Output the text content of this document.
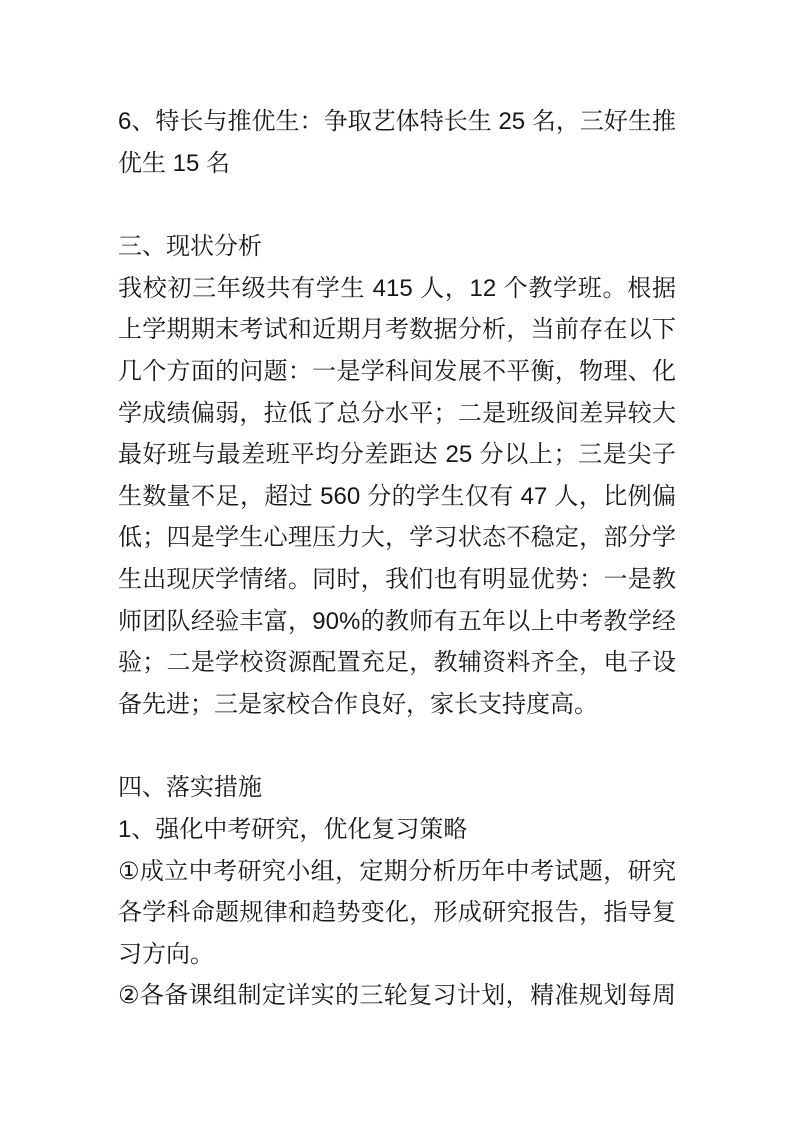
6、特长与推优生：争取艺体特长生 25 名，三好生推
优生 15 名
三、现状分析
我校初三年级共有学生 415 人，12 个教学班。根据
上学期期末考试和近期月考数据分析，当前存在以下
几个方面的问题：一是学科间发展不平衡，物理、化
学成绩偏弱，拉低了总分水平；二是班级间差异较大
最好班与最差班平均分差距达 25 分以上；三是尖子
生数量不足，超过 560 分的学生仅有 47 人，比例偏
低；四是学生心理压力大，学习状态不稳定，部分学
生出现厌学情绪。同时，我们也有明显优势：一是教
师团队经验丰富，90%的教师有五年以上中考教学经
验；二是学校资源配置充足，教辅资料齐全，电子设
备先进；三是家校合作良好，家长支持度高。
四、落实措施
1、强化中考研究，优化复习策略
①成立中考研究小组，定期分析历年中考试题，研究
各学科命题规律和趋势变化，形成研究报告，指导复
习方向。
②各备课组制定详实的三轮复习计划，精准规划每周
